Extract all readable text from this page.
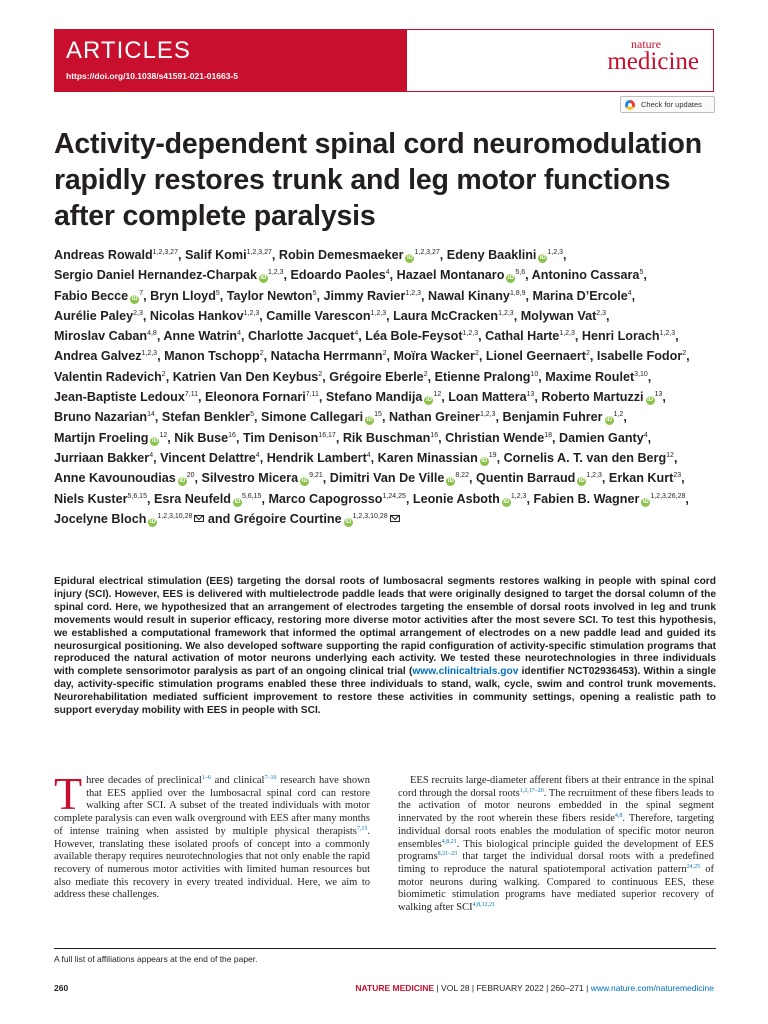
ARTICLES
https://doi.org/10.1038/s41591-021-01663-5
nature
medicine
Check for updates
Activity-dependent spinal cord neuromodulation rapidly restores trunk and leg motor functions after complete paralysis
Andreas Rowald$^{1,2,3,27}$, Salif Komi$^{1,2,3,27}$, Robin Demesmaeker iD$^{1,2,3,27}$, Edeny Baaklini iD$^{1,2,3}$, Sergio Daniel Hernandez-Charpak iD$^{1,2,3}$, Edoardo Paoles$^4$, Hazael Montanaro iD$^{5,6}$, Antonino Cassara$^5$, Fabio Becce $iD^7$, Bryn Lloyd$^5$, Taylor Newton$^5$, Jimmy Ravier$^{1,2,3}$, Nawal Kinany$^{1,8,9}$, Marina D’Ercole$^4$, Aurélie Paley$^{2,3}$, Nicolas Hankov$^{1,2,3}$, Camille Varescon$^{1,2,3}$, Laura McCracken$^{1,2,3}$, Molywan Vat$^{2,3}$, Miroslav Caban$^{4,8}$, Anne Watrin$^4$, Charlotte Jacquet$^4$, Léa Bole-Feysot$^{1,2,3}$, Cathal Harte$^{1,2,3}$, Henri Lorach$^{1,2,3}$, Andrea Galvez$^{1,2,3}$, Manon Tschopp$^2$, Natacha Herrmann$^2$, Moïra Wacker$^2$, Lionel Geernaert$^2$, Isabelle Fodor$^2$, Valentin Radevich$^2$, Katrien Van Den Keybus$^2$, Grégoire Eberle$^2$, Etienne Pralong$^{10}$, Maxime Roulet$^{3,10}$, Jean-Baptiste Ledoux$^{7,11}$, Eleonora Fornari$^{7,11}$, Stefano Mandija $iD^{12}$, Loan Mattera$^{13}$, Roberto Martuzzi $iD^{13}$, Bruno Nazarian$^{14}$, Stefan Benkler$^5$, Simone Callegari $iD^{15}$, Nathan Greiner$^{1,2,3}$, Benjamin Fuhrer iD$^{1,2}$, Martijn Froeling $iD^{12}$, Nik Buse$^{16}$, Tim Denison$^{16,17}$, Rik Buschman$^{16}$, Christian Wende$^{18}$, Damien Ganty$^4$, Jurriaan Bakker$^4$, Vincent Delattre$^4$, Hendrik Lambert$^4$, Karen Minassian $iD^{19}$, Cornelis A. T. van den Berg$^{12}$, Anne Kavounoudias $iD^{20}$, Silvestro Micera iD$^{9,21}$, Dimitri Van De Ville iD$^{8,22}$, Quentin Barraud iD$^{1,2,3}$, Erkan Kurt$^{23}$, Niels Kuster$^{5,6,15}$, Esra Neufeld iD$^{5,6,15}$, Marco Capogrosso$^{1,24,25}$, Leonie Asboth iD$^{1,2,3}$, Fabien B. Wagner iD$^{1,2,3,26,28}$, Jocelyne Bloch iD$^{1,2,3,10,28}$ and Grégoire Courtine iD$^{1,2,3,10,28}$
Epidural electrical stimulation (EES) targeting the dorsal roots of lumbosacral segments restores walking in people with spinal cord injury (SCI). However, EES is delivered with multielectrode paddle leads that were originally designed to target the dorsal column of the spinal cord. Here, we hypothesized that an arrangement of electrodes targeting the ensemble of dorsal roots involved in leg and trunk movements would result in superior efficacy, restoring more diverse motor activities after the most severe SCI. To test this hypothesis, we established a computational framework that informed the optimal arrangement of electrodes on a new paddle lead and guided its neurosurgical positioning. We also developed software supporting the rapid configuration of activity-specific stimulation programs that reproduced the natural activation of motor neurons underlying each activity. We tested these neurotechnologies in three individuals with complete sensorimotor paralysis as part of an ongoing clinical trial (www.clinicaltrials.gov identifier NCT02936453). Within a single day, activity-specific stimulation programs enabled these three individuals to stand, walk, cycle, swim and control trunk movements. Neurorehabilitation mediated sufficient improvement to restore these activities in community settings, opening a realistic path to support everyday mobility with EES in people with SCI.
Three decades of preclinical$^{1-6}$ and clinical$^{7-16}$ research have shown that EES applied over the lumbosacral spinal cord can restore walking after SCI. A subset of the treated individuals with motor complete paralysis can even walk overground with EES after many months of intense training when assisted by multiple physical therapists$^{7,15}$. However, translating these isolated proofs of concept into a commonly available therapy requires neurotechnologies that not only enable the rapid recovery of numerous motor activities with limited human resources but also mediate this recovery in every treated individual. Here, we aim to address these challenges.
EES recruits large-diameter afferent fibers at their entrance in the spinal cord through the dorsal roots$^{1,2,17-20}$. The recruitment of these fibers leads to the activation of motor neurons embedded in the spinal segment innervated by the root wherein these fibers reside$^{4,8}$. Therefore, targeting individual dorsal roots enables the modulation of specific motor neuron ensembles$^{4,8,21}$. This biological principle guided the development of EES programs$^{8,21-23}$ that target the individual dorsal roots with a predefined timing to reproduce the natural spatiotemporal activation pattern$^{24,25}$ of motor neurons during walking. Compared to continuous EES, these biomimetic stimulation programs have mediated superior recovery of walking after SCI$^{4,8,12,21}$
A full list of affiliations appears at the end of the paper.
260	NATURE MEDICINE | VOL 28 | FEBRUARY 2022 | 260–271 | www.nature.com/naturemedicine
